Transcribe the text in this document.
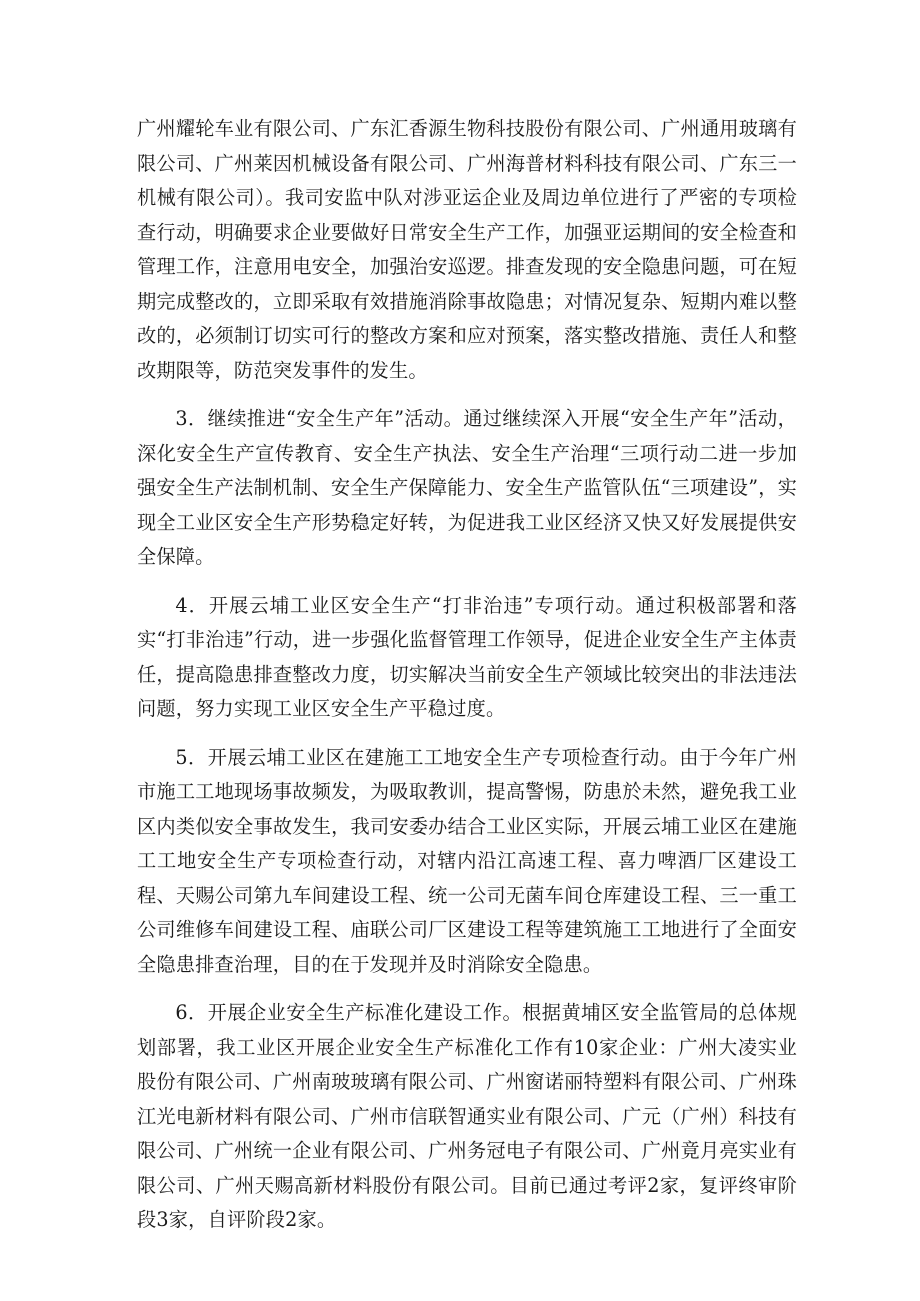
广州耀轮车业有限公司、广东汇香源生物科技股份有限公司、广州通用玻璃有限公司、广州莱因机械设备有限公司、广州海普材料科技有限公司、广东三一机械有限公司）。我司安监中队对涉亚运企业及周边单位进行了严密的专项检查行动，明确要求企业要做好日常安全生产工作，加强亚运期间的安全检查和管理工作，注意用电安全，加强治安巡逻。排查发现的安全隐患问题，可在短期完成整改的，立即采取有效措施消除事故隐患；对情况复杂、短期内难以整改的，必须制订切实可行的整改方案和应对预案，落实整改措施、责任人和整改期限等，防范突发事件的发生。

3．继续推进“安全生产年”活动。通过继续深入开展“安全生产年”活动，深化安全生产宣传教育、安全生产执法、安全生产治理“三项行动二进一步加强安全生产法制机制、安全生产保障能力、安全生产监管队伍“三项建设”，实现全工业区安全生产形势稳定好转，为促进我工业区经济又快又好发展提供安全保障。

4．开展云埔工业区安全生产“打非治违”专项行动。通过积极部署和落实“打非治违”行动，进一步强化监督管理工作领导，促进企业安全生产主体责任，提高隐患排查整改力度，切实解决当前安全生产领域比较突出的非法违法问题，努力实现工业区安全生产平稳过度。

5．开展云埔工业区在建施工工地安全生产专项检查行动。由于今年广州市施工工地现场事故频发，为吸取教训，提高警惕，防患於未然，避免我工业区内类似安全事故发生，我司安委办结合工业区实际，开展云埔工业区在建施工工地安全生产专项检查行动，对辖内沿江高速工程、喜力啤酒厂区建设工程、天赐公司第九车间建设工程、统一公司无菌车间仓库建设工程、三一重工公司维修车间建设工程、庙联公司厂区建设工程等建筑施工工地进行了全面安全隐患排查治理，目的在于发现并及时消除安全隐患。

6．开展企业安全生产标准化建设工作。根据黄埔区安全监管局的总体规划部署，我工业区开展企业安全生产标准化工作有10家企业：广州大凌实业股份有限公司、广州南玻玻璃有限公司、广州窗诺丽特塑料有限公司、广州珠江光电新材料有限公司、广州市信联智通实业有限公司、广元（广州）科技有限公司、广州统一企业有限公司、广州务冠电子有限公司、广州竟月亮实业有限公司、广州天赐高新材料股份有限公司。目前已通过考评2家，复评终审阶段3家，自评阶段2家。
